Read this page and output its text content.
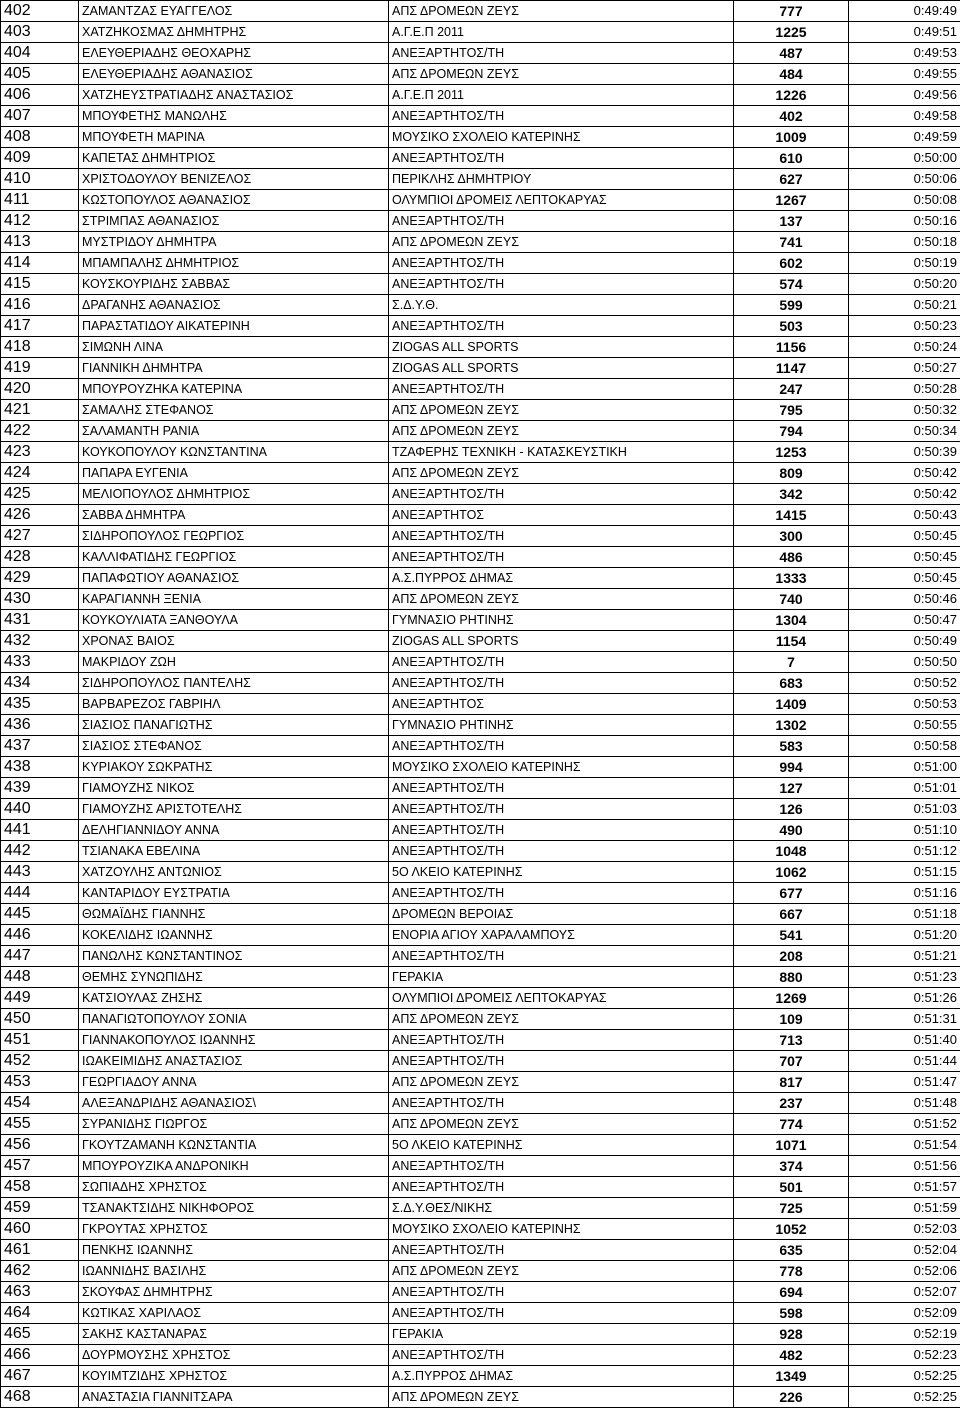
402	ΖΑΜΑΝΤΖΑΣ ΕΥΑΓΓΕΛΟΣ	ΑΠΣ ΔΡΟΜΕΩΝ ΖΕΥΣ	777	0:49:49
403	ΧΑΤΖΗΚΟΣΜΑΣ ΔΗΜΗΤΡΗΣ	Α.Γ.Ε.Π 2011	1225	0:49:51
404	ΕΛΕΥΘΕΡΙΑΔΗΣ ΘΕΟΧΑΡΗΣ	ΑΝΕΞΑΡΤΗΤΟΣ/ΤΗ	487	0:49:53
405	ΕΛΕΥΘΕΡΙΑΔΗΣ ΑΘΑΝΑΣΙΟΣ	ΑΠΣ ΔΡΟΜΕΩΝ ΖΕΥΣ	484	0:49:55
406	ΧΑΤΖΗΕΥΣΤΡΑΤΙΑΔΗΣ ΑΝΑΣΤΑΣΙΟΣ	Α.Γ.Ε.Π 2011	1226	0:49:56
407	ΜΠΟΥΦΕΤΗΣ ΜΑΝΩΛΗΣ	ΑΝΕΞΑΡΤΗΤΟΣ/ΤΗ	402	0:49:58
408	ΜΠΟΥΦΕΤΗ ΜΑΡΙΝΑ	ΜΟΥΣΙΚΟ ΣΧΟΛΕΙΟ ΚΑΤΕΡΙΝΗΣ	1009	0:49:59
409	ΚΑΠΕΤΑΣ ΔΗΜΗΤΡΙΟΣ	ΑΝΕΞΑΡΤΗΤΟΣ/ΤΗ	610	0:50:00
410	ΧΡΙΣΤΟΔΟΥΛΟΥ ΒΕΝΙΖΕΛΟΣ	ΠΕΡΙΚΛΗΣ ΔΗΜΗΤΡΙΟΥ	627	0:50:06
411	ΚΩΣΤΟΠΟΥΛΟΣ ΑΘΑΝΑΣΙΟΣ	ΟΛΥΜΠΙΟΙ ΔΡΟΜΕΙΣ ΛΕΠΤΟΚΑΡΥΑΣ	1267	0:50:08
412	ΣΤΡΙΜΠΑΣ ΑΘΑΝΑΣΙΟΣ	ΑΝΕΞΑΡΤΗΤΟΣ/ΤΗ	137	0:50:16
413	ΜΥΣΤΡΙΔΟΥ ΔΗΜΗΤΡΑ	ΑΠΣ ΔΡΟΜΕΩΝ ΖΕΥΣ	741	0:50:18
414	ΜΠΑΜΠΑΛΗΣ ΔΗΜΗΤΡΙΟΣ	ΑΝΕΞΑΡΤΗΤΟΣ/ΤΗ	602	0:50:19
415	ΚΟΥΣΚΟΥΡΙΔΗΣ ΣΑΒΒΑΣ	ΑΝΕΞΑΡΤΗΤΟΣ/ΤΗ	574	0:50:20
416	ΔΡΑΓΑΝΗΣ ΑΘΑΝΑΣΙΟΣ	Σ.Δ.Υ.Θ.	599	0:50:21
417	ΠΑΡΑΣΤΑΤΙΔΟΥ ΑΙΚΑΤΕΡΙΝΗ	ΑΝΕΞΑΡΤΗΤΟΣ/ΤΗ	503	0:50:23
418	ΣΙΜΩΝΗ ΛΙΝΑ	ZIOGAS ALL SPORTS	1156	0:50:24
419	ΓΙΑΝΝΙΚΗ ΔΗΜΗΤΡΑ	ZIOGAS ALL SPORTS	1147	0:50:27
420	ΜΠΟΥΡΟΥΖΗΚΑ ΚΑΤΕΡΙΝΑ	ΑΝΕΞΑΡΤΗΤΟΣ/ΤΗ	247	0:50:28
421	ΣΑΜΑΛΗΣ ΣΤΕΦΑΝΟΣ	ΑΠΣ ΔΡΟΜΕΩΝ ΖΕΥΣ	795	0:50:32
422	ΣΑΛΑΜΑΝΤΗ ΡΑΝΙΑ	ΑΠΣ ΔΡΟΜΕΩΝ ΖΕΥΣ	794	0:50:34
423	ΚΟΥΚΟΠΟΥΛΟΥ ΚΩΝΣΤΑΝΤΙΝΑ	ΤΖΑΦΕΡΗΣ ΤΕΧΝΙΚΗ - ΚΑΤΑΣΚΕΥΣΤΙΚΗ	1253	0:50:39
424	ΠΑΠΑΡΑ ΕΥΓΕΝΙΑ	ΑΠΣ ΔΡΟΜΕΩΝ ΖΕΥΣ	809	0:50:42
425	ΜΕΛΙΟΠΟΥΛΟΣ ΔΗΜΗΤΡΙΟΣ	ΑΝΕΞΑΡΤΗΤΟΣ/ΤΗ	342	0:50:42
426	ΣΑΒΒΑ ΔΗΜΗΤΡΑ	ΑΝΕΞΑΡΤΗΤΟΣ	1415	0:50:43
427	ΣΙΔΗΡΟΠΟΥΛΟΣ ΓΕΩΡΓΙΟΣ	ΑΝΕΞΑΡΤΗΤΟΣ/ΤΗ	300	0:50:45
428	ΚΑΛΛΙΦΑΤΙΔΗΣ ΓΕΩΡΓΙΟΣ	ΑΝΕΞΑΡΤΗΤΟΣ/ΤΗ	486	0:50:45
429	ΠΑΠΑΦΩΤΙΟΥ ΑΘΑΝΑΣΙΟΣ	Α.Σ.ΠΥΡΡΟΣ ΔΗΜΑΣ	1333	0:50:45
430	ΚΑΡΑΓΙΑΝΝΗ ΞΕΝΙΑ	ΑΠΣ ΔΡΟΜΕΩΝ ΖΕΥΣ	740	0:50:46
431	ΚΟΥΚΟΥΛΙΑΤΑ ΞΑΝΘΟΥΛΑ	ΓΥΜΝΑΣΙΟ ΡΗΤΙΝΗΣ	1304	0:50:47
432	ΧΡΟΝΑΣ ΒΑΙΟΣ	ZIOGAS ALL SPORTS	1154	0:50:49
433	ΜΑΚΡΙΔΟΥ ΖΩΗ	ΑΝΕΞΑΡΤΗΤΟΣ/ΤΗ	7	0:50:50
434	ΣΙΔΗΡΟΠΟΥΛΟΣ ΠΑΝΤΕΛΗΣ	ΑΝΕΞΑΡΤΗΤΟΣ/ΤΗ	683	0:50:52
435	ΒΑΡΒΑΡΕΖΟΣ ΓΑΒΡΙΗΛ	ΑΝΕΞΑΡΤΗΤΟΣ	1409	0:50:53
436	ΣΙΑΣΙΟΣ ΠΑΝΑΓΙΩΤΗΣ	ΓΥΜΝΑΣΙΟ ΡΗΤΙΝΗΣ	1302	0:50:55
437	ΣΙΑΣΙΟΣ ΣΤΕΦΑΝΟΣ	ΑΝΕΞΑΡΤΗΤΟΣ/ΤΗ	583	0:50:58
438	ΚΥΡΙΑΚΟΥ ΣΩΚΡΑΤΗΣ	ΜΟΥΣΙΚΟ ΣΧΟΛΕΙΟ ΚΑΤΕΡΙΝΗΣ	994	0:51:00
439	ΓΙΑΜΟΥΖΗΣ ΝΙΚΟΣ	ΑΝΕΞΑΡΤΗΤΟΣ/ΤΗ	127	0:51:01
440	ΓΙΑΜΟΥΖΗΣ ΑΡΙΣΤΟΤΕΛΗΣ	ΑΝΕΞΑΡΤΗΤΟΣ/ΤΗ	126	0:51:03
441	ΔΕΛΗΓΙΑΝΝΙΔΟΥ ΑΝΝΑ	ΑΝΕΞΑΡΤΗΤΟΣ/ΤΗ	490	0:51:10
442	ΤΣΙΑΝΑΚΑ ΕΒΕΛΙΝΑ	ΑΝΕΞΑΡΤΗΤΟΣ/ΤΗ	1048	0:51:12
443	ΧΑΤΖΟΥΛΗΣ ΑΝΤΩΝΙΟΣ	5Ο ΛΚΕΙΟ ΚΑΤΕΡΙΝΗΣ	1062	0:51:15
444	ΚΑΝΤΑΡΙΔΟΥ ΕΥΣΤΡΑΤΙΑ	ΑΝΕΞΑΡΤΗΤΟΣ/ΤΗ	677	0:51:16
445	ΘΩΜΑΪΔΗΣ ΓΙΑΝΝΗΣ	ΔΡΟΜΕΩΝ ΒΕΡΟΙΑΣ	667	0:51:18
446	ΚΟΚΕΛΙΔΗΣ ΙΩΑΝΝΗΣ	ΕΝΟΡΙΑ ΑΓΙΟΥ ΧΑΡΑΛΑΜΠΟΥΣ	541	0:51:20
447	ΠΑΝΩΛΗΣ ΚΩΝΣΤΑΝΤΙΝΟΣ	ΑΝΕΞΑΡΤΗΤΟΣ/ΤΗ	208	0:51:21
448	ΘΕΜΗΣ ΣΥΝΩΠΙΔΗΣ	ΓΕΡΑΚΙΑ	880	0:51:23
449	ΚΑΤΣΙΟΥΛΑΣ ΖΗΣΗΣ	ΟΛΥΜΠΙΟΙ ΔΡΟΜΕΙΣ ΛΕΠΤΟΚΑΡΥΑΣ	1269	0:51:26
450	ΠΑΝΑΓΙΩΤΟΠΟΥΛΟΥ ΣΟΝΙΑ	ΑΠΣ ΔΡΟΜΕΩΝ ΖΕΥΣ	109	0:51:31
451	ΓΙΑΝΝΑΚΟΠΟΥΛΟΣ ΙΩΑΝΝΗΣ	ΑΝΕΞΑΡΤΗΤΟΣ/ΤΗ	713	0:51:40
452	ΙΩΑΚΕΙΜΙΔΗΣ ΑΝΑΣΤΑΣΙΟΣ	ΑΝΕΞΑΡΤΗΤΟΣ/ΤΗ	707	0:51:44
453	ΓΕΩΡΓΙΑΔΟΥ ΑΝΝΑ	ΑΠΣ ΔΡΟΜΕΩΝ ΖΕΥΣ	817	0:51:47
454	ΑΛΕΞΑΝΔΡΙΔΗΣ ΑΘΑΝΑΣΙΟΣ\	ΑΝΕΞΑΡΤΗΤΟΣ/ΤΗ	237	0:51:48
455	ΣΥΡΑΝΙΔΗΣ ΓΙΩΡΓΟΣ	ΑΠΣ ΔΡΟΜΕΩΝ ΖΕΥΣ	774	0:51:52
456	ΓΚΟΥΤΖΑΜΑΝΗ ΚΩΝΣΤΑΝΤΙΑ	5Ο ΛΚΕΙΟ ΚΑΤΕΡΙΝΗΣ	1071	0:51:54
457	ΜΠΟΥΡΟΥΖΙΚΑ ΑΝΔΡΟΝΙΚΗ	ΑΝΕΞΑΡΤΗΤΟΣ/ΤΗ	374	0:51:56
458	ΣΩΠΙΑΔΗΣ ΧΡΗΣΤΟΣ	ΑΝΕΞΑΡΤΗΤΟΣ/ΤΗ	501	0:51:57
459	ΤΣΑΝΑΚΤΣΙΔΗΣ ΝΙΚΗΦΟΡΟΣ	Σ.Δ.Υ.ΘΕΣ/ΝΙΚΗΣ	725	0:51:59
460	ΓΚΡΟΥΤΑΣ ΧΡΗΣΤΟΣ	ΜΟΥΣΙΚΟ ΣΧΟΛΕΙΟ ΚΑΤΕΡΙΝΗΣ	1052	0:52:03
461	ΠΕΝΚΗΣ ΙΩΑΝΝΗΣ	ΑΝΕΞΑΡΤΗΤΟΣ/ΤΗ	635	0:52:04
462	ΙΩΑΝΝΙΔΗΣ ΒΑΣΙΛΗΣ	ΑΠΣ ΔΡΟΜΕΩΝ ΖΕΥΣ	778	0:52:06
463	ΣΚΟΥΦΑΣ ΔΗΜΗΤΡΗΣ	ΑΝΕΞΑΡΤΗΤΟΣ/ΤΗ	694	0:52:07
464	ΚΩΤΙΚΑΣ ΧΑΡΙΛΑΟΣ	ΑΝΕΞΑΡΤΗΤΟΣ/ΤΗ	598	0:52:09
465	ΣΑΚΗΣ ΚΑΣΤΑΝΑΡΑΣ	ΓΕΡΑΚΙΑ	928	0:52:19
466	ΔΟΥΡΜΟΥΣΗΣ ΧΡΗΣΤΟΣ	ΑΝΕΞΑΡΤΗΤΟΣ/ΤΗ	482	0:52:23
467	ΚΟΥΙΜΤΖΙΔΗΣ ΧΡΗΣΤΟΣ	Α.Σ.ΠΥΡΡΟΣ ΔΗΜΑΣ	1349	0:52:25
468	ΑΝΑΣΤΑΣΙΑ ΓΙΑΝΝΙΤΣΑΡΑ	ΑΠΣ ΔΡΟΜΕΩΝ ΖΕΥΣ	226	0:52:25
